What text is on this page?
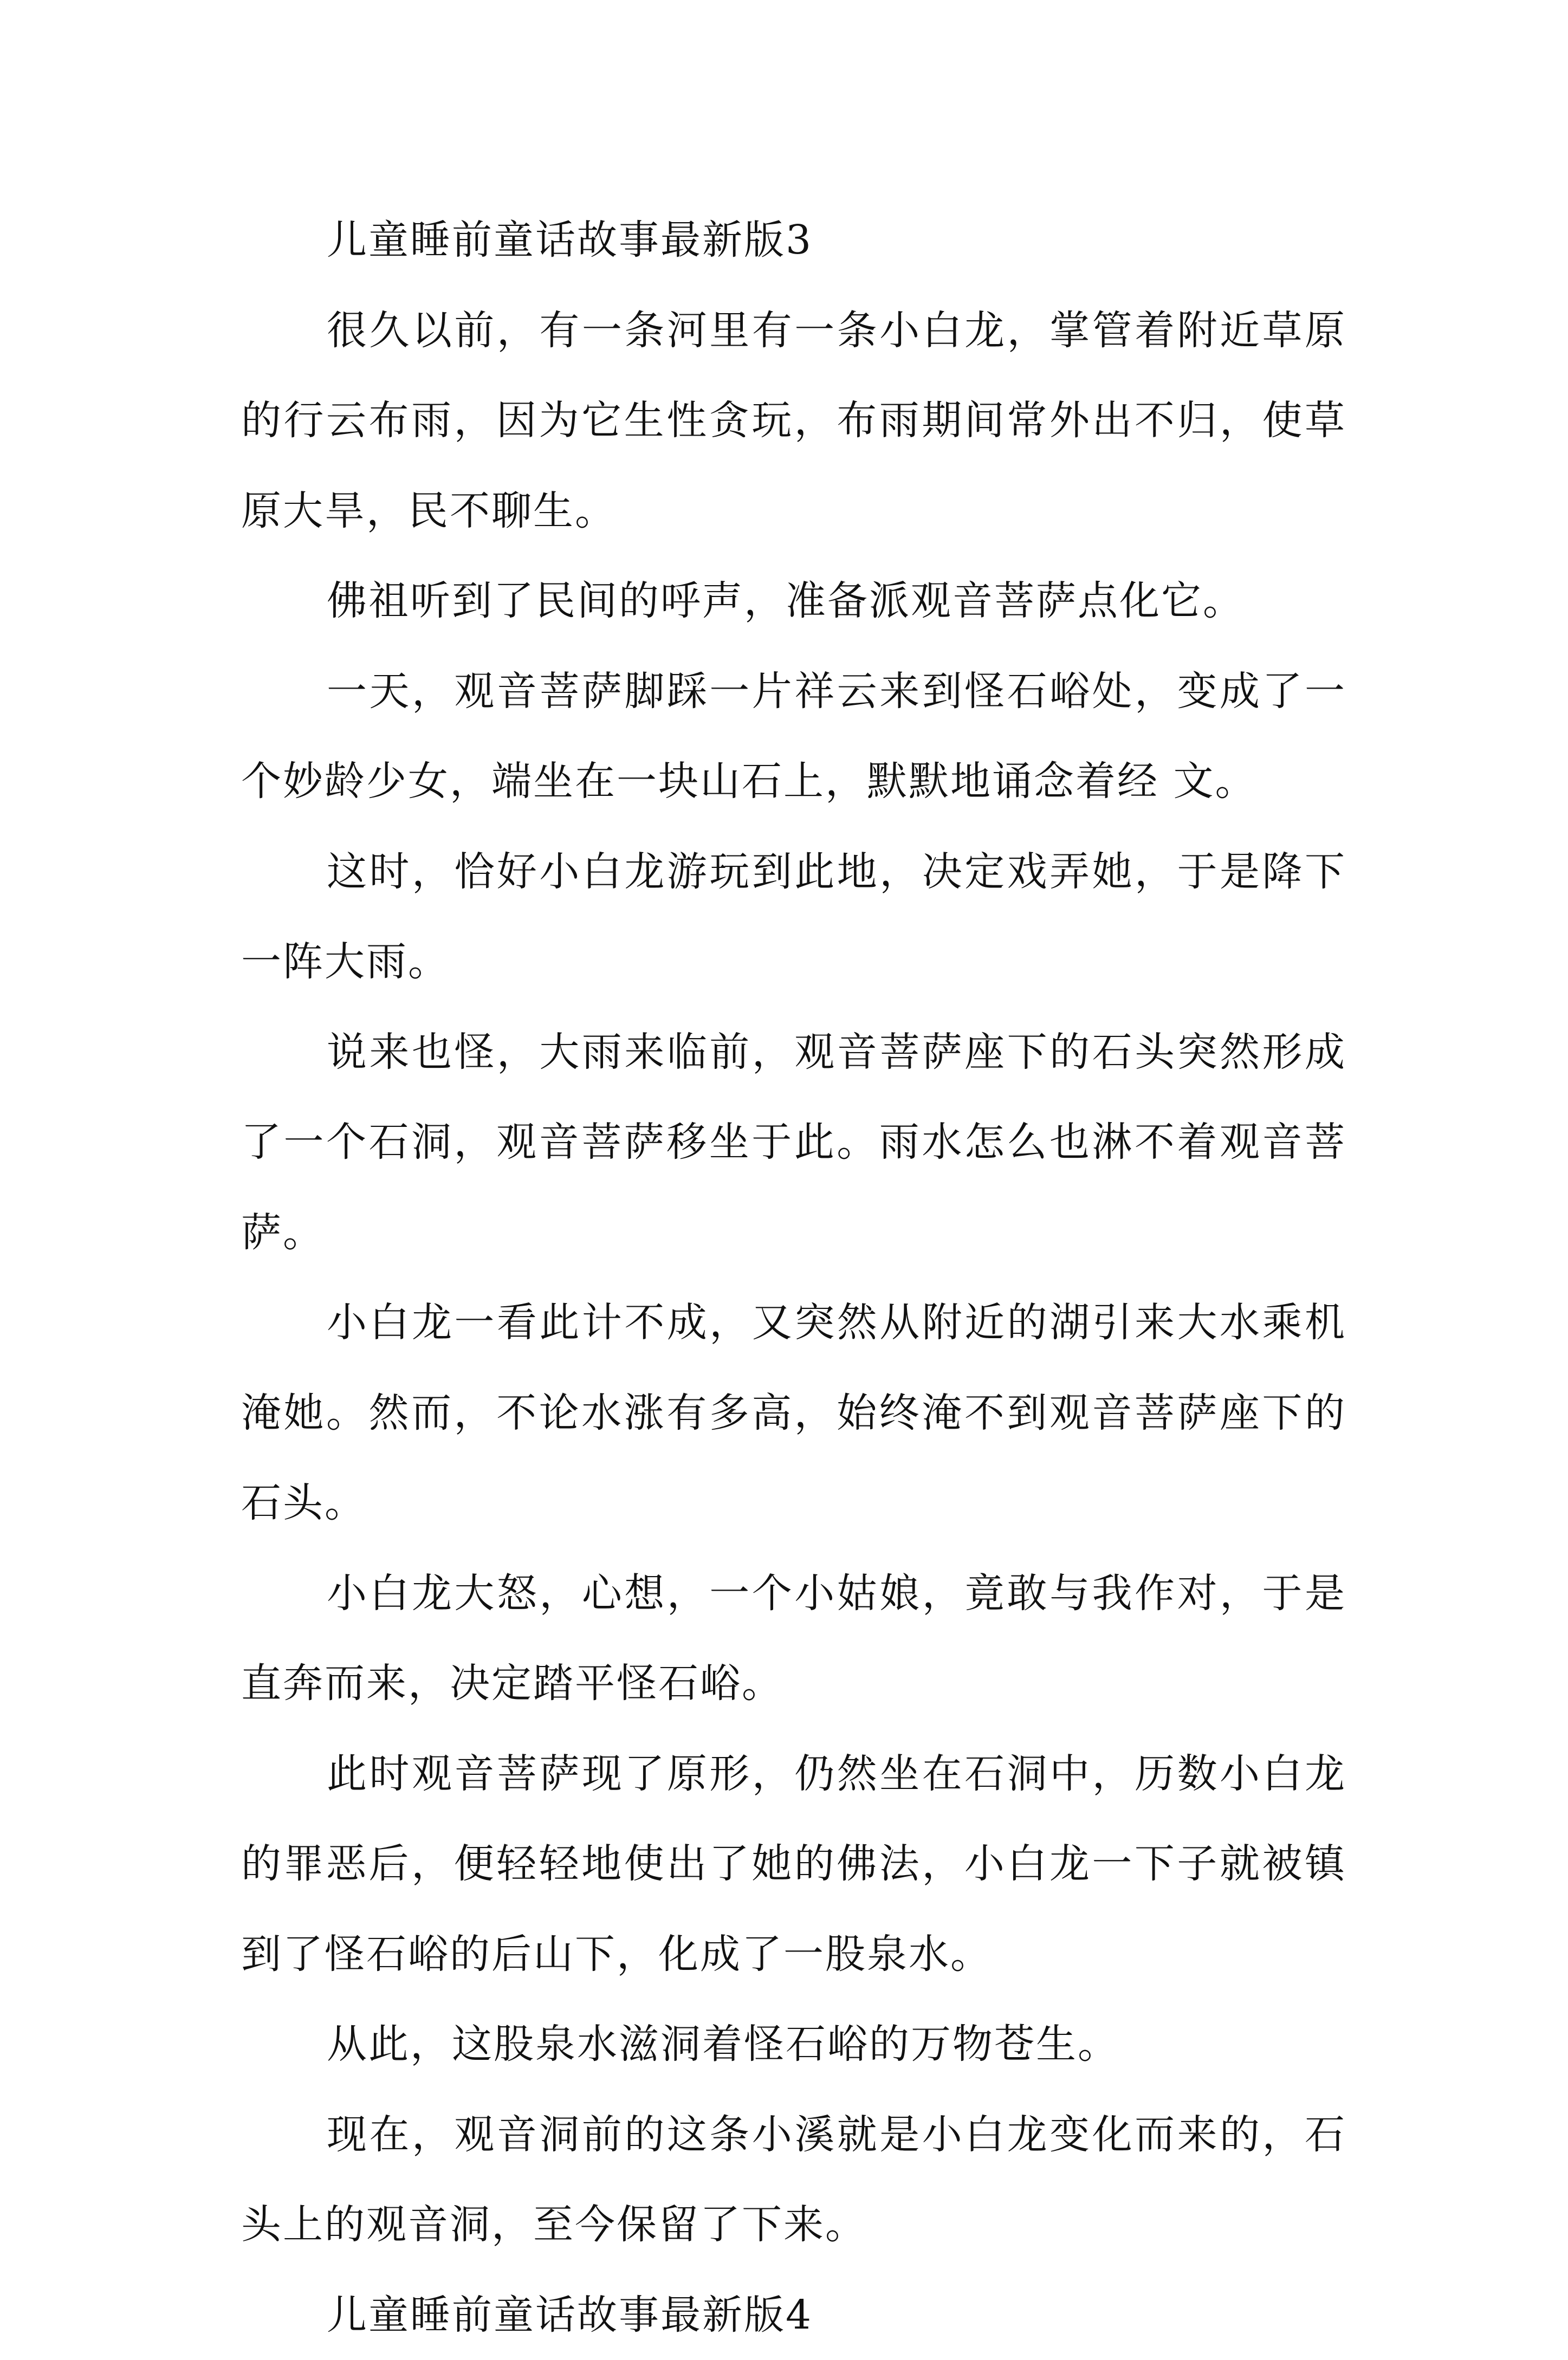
儿童睡前童话故事最新版3

很久以前，有一条河里有一条小白龙，掌管着附近草原的行云布雨，因为它生性贪玩，布雨期间常外出不归，使草原大旱，民不聊生。

佛祖听到了民间的呼声，准备派观音菩萨点化它。

一天，观音菩萨脚踩一片祥云来到怪石峪处，变成了一个妙龄少女，端坐在一块山石上，默默地诵念着经 文。

这时，恰好小白龙游玩到此地，决定戏弄她，于是降下一阵大雨。

说来也怪，大雨来临前，观音菩萨座下的石头突然形成了一个石洞，观音菩萨移坐于此。雨水怎么也淋不着观音菩萨。

小白龙一看此计不成，又突然从附近的湖引来大水乘机淹她。然而，不论水涨有多高，始终淹不到观音菩萨座下的石头。

小白龙大怒，心想，一个小姑娘，竟敢与我作对，于是直奔而来，决定踏平怪石峪。

此时观音菩萨现了原形，仍然坐在石洞中，历数小白龙的罪恶后，便轻轻地使出了她的佛法，小白龙一下子就被镇到了怪石峪的后山下，化成了一股泉水。

从此，这股泉水滋洞着怪石峪的万物苍生。

现在，观音洞前的这条小溪就是小白龙变化而来的，石头上的观音洞，至今保留了下来。

儿童睡前童话故事最新版4
